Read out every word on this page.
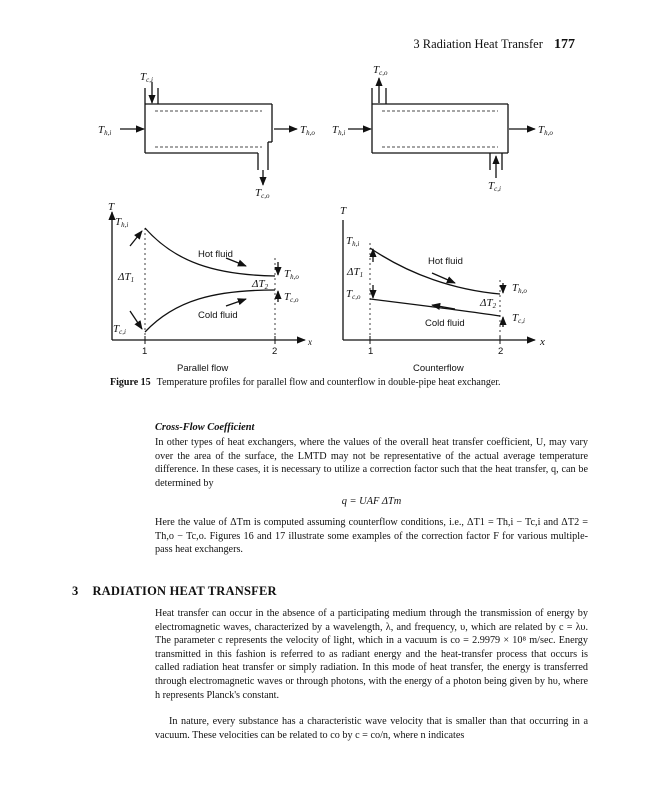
3 Radiation Heat Transfer 177
Tc,i
Th,i	Th,o
Tc,o
Tc,o
Th,i	Th,o
Tc,i
T
Th,i
Tc,i
ΔT1	ΔT2
Th,o
Tc,o
x
T
Th,i
Tc,o
ΔT1
ΔT2
Th,o
Tc,i
x
Hot fluid
Cold fluid
1	2
Parallel flow
Hot fluid
Cold fluid
1	2
Counterflow
Figure 15 Temperature profiles for parallel flow and counterflow in double-pipe heat exchanger.
Cross-Flow Coefficient
In other types of heat exchangers, where the values of the overall heat transfer coefficient, U, may vary over the area of the surface, the LMTD may not be representative of the actual average temperature difference. In these cases, it is necessary to utilize a correction factor such that the heat transfer, q, can be determined by
q = UAF ΔTm
Here the value of ΔTm is computed assuming counterflow conditions, i.e., ΔT1 = Th,i − Tc,i and ΔT2 = Th,o − Tc,o. Figures 16 and 17 illustrate some examples of the correction factor F for various multiple-pass heat exchangers.
3 RADIATION HEAT TRANSFER
Heat transfer can occur in the absence of a participating medium through the transmission of energy by electromagnetic waves, characterized by a wavelength, λ, and frequency, υ, which are related by c = λυ. The parameter c represents the velocity of light, which in a vacuum is co = 2.9979 × 10⁸ m/sec. Energy transmitted in this fashion is referred to as radiant energy and the heat-transfer process that occurs is called radiation heat transfer or simply radiation. In this mode of heat transfer, the energy is transferred through electromagnetic waves or through photons, with the energy of a photon being given by hυ, where h represents Planck's constant.
In nature, every substance has a characteristic wave velocity that is smaller than that occurring in a vacuum. These velocities can be related to co by c = co/n, where n indicates
